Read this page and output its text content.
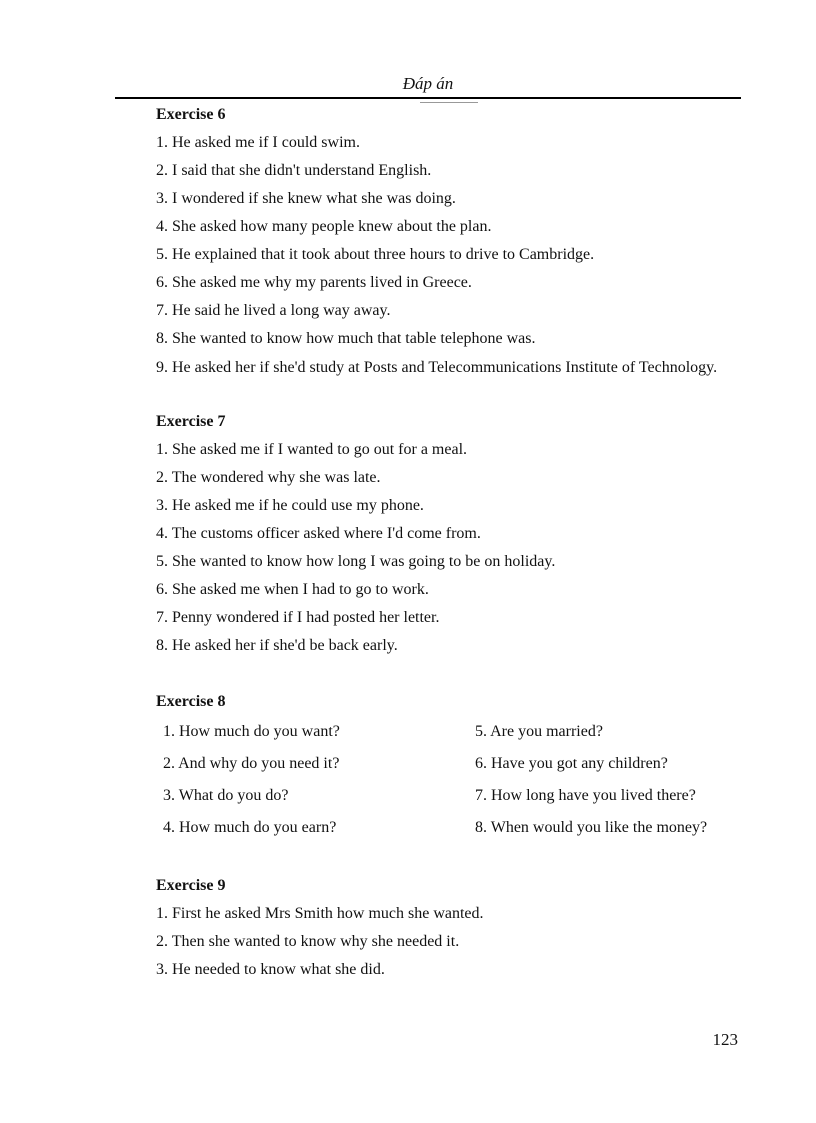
Đáp án
Exercise 6
1. He asked me if I could swim.
2. I said that she didn't understand English.
3. I wondered if she knew what she was doing.
4. She asked how many people knew about the plan.
5. He explained that it took about three hours to drive to Cambridge.
6. She asked me why my parents lived in Greece.
7. He said he lived a long way away.
8. She wanted to know how much that table telephone was.

9. He asked her if she'd study at Posts and Telecommunications Institute of Technology.

Exercise 7
1. She asked me if I wanted to go out for a meal.
2. The wondered why she was late.
3. He asked me if he could use my phone.
4. The customs officer asked where I'd come from.
5. She wanted to know how long I was going to be on holiday.
6. She asked me when I had to go to work.
7. Penny wondered if I had posted her letter.
8. He asked her if she'd be back early.
Exercise 8
1. How much do you want?	5. Are you married?
2. And why do you need it?	6. Have you got any children?
3. What do you do?	7. How long have you lived there?
4. How much do you earn?	8. When would you like the money?
Exercise 9
1. First he asked Mrs Smith how much she wanted.
2. Then she wanted to know why she needed it.
3. He needed to know what she did.
123
